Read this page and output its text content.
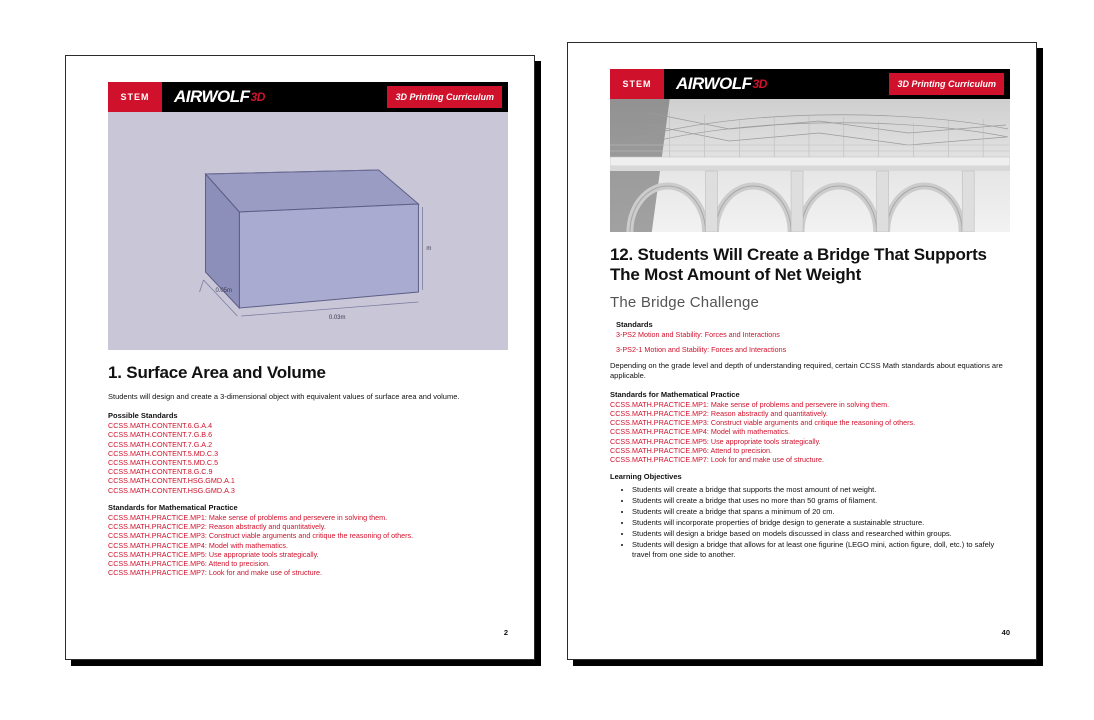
STEM	AIRWOLF 3D	3D Printing Curriculum
0.05m
0.03m
m
1. Surface Area and Volume
Students will design and create a 3-dimensional object with equivalent values of surface area and volume.
Possible Standards
CCSS.MATH.CONTENT.6.G.A.4
CCSS.MATH.CONTENT.7.G.B.6
CCSS.MATH.CONTENT.7.G.A.2
CCSS.MATH.CONTENT.5.MD.C.3
CCSS.MATH.CONTENT.5.MD.C.5
CCSS.MATH.CONTENT.8.G.C.9
CCSS.MATH.CONTENT.HSG.GMD.A.1
CCSS.MATH.CONTENT.HSG.GMD.A.3
Standards for Mathematical Practice
CCSS.MATH.PRACTICE.MP1: Make sense of problems and persevere in solving them.
CCSS.MATH.PRACTICE.MP2: Reason abstractly and quantitatively.
CCSS.MATH.PRACTICE.MP3: Construct viable arguments and critique the reasoning of others.
CCSS.MATH.PRACTICE.MP4: Model with mathematics.
CCSS.MATH.PRACTICE.MP5: Use appropriate tools strategically.
CCSS.MATH.PRACTICE.MP6: Attend to precision.
CCSS.MATH.PRACTICE.MP7: Look for and make use of structure.
2
STEM	AIRWOLF 3D	3D Printing Curriculum
12. Students Will Create a Bridge That Supports The Most Amount of Net Weight
The Bridge Challenge
Standards
3-PS2 Motion and Stability: Forces and Interactions
3-PS2-1 Motion and Stability: Forces and Interactions
Depending on the grade level and depth of understanding required, certain CCSS Math standards about equations are applicable.
Standards for Mathematical Practice
CCSS.MATH.PRACTICE.MP1: Make sense of problems and persevere in solving them.
CCSS.MATH.PRACTICE.MP2: Reason abstractly and quantitatively.
CCSS.MATH.PRACTICE.MP3: Construct viable arguments and critique the reasoning of others.
CCSS.MATH.PRACTICE.MP4: Model with mathematics.
CCSS.MATH.PRACTICE.MP5: Use appropriate tools strategically.
CCSS.MATH.PRACTICE.MP6: Attend to precision.
CCSS.MATH.PRACTICE.MP7: Look for and make use of structure.
Learning Objectives
• Students will create a bridge that supports the most amount of net weight.
• Students will create a bridge that uses no more than 50 grams of filament.
• Students will create a bridge that spans a minimum of 20 cm.
• Students will incorporate properties of bridge design to generate a sustainable structure.
• Students will design a bridge based on models discussed in class and researched within groups.
• Students will design a bridge that allows for at least one figurine (LEGO mini, action figure, doll, etc.) to safely travel from one side to another.
40
